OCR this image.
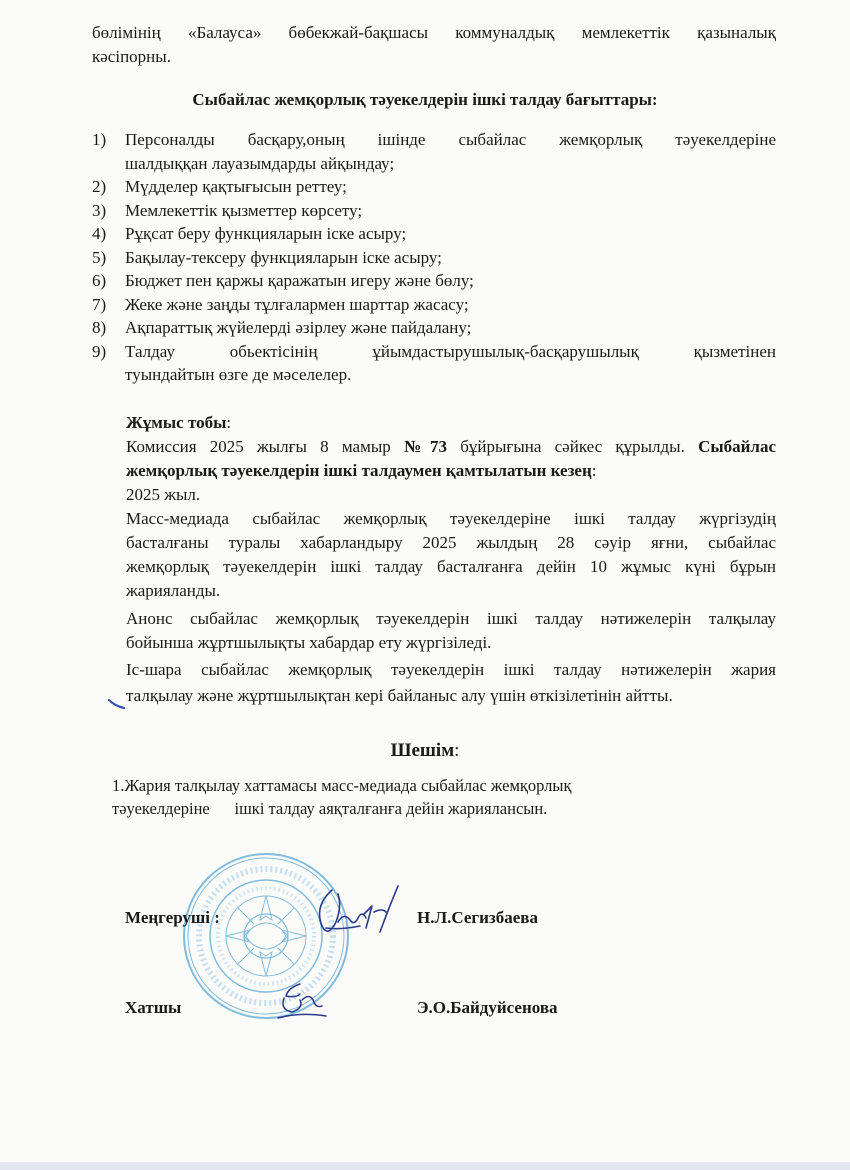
бөлімінің «Балауса» бөбекжай-бақшасы коммуналдық мемлекеттік қазыналық
кәсіпорны.
Сыбайлас жемқорлық тәуекелдерін ішкі талдау бағыттары:
1) Персоналды басқару,оның ішінде сыбайлас жемқорлық тәуекелдеріне
шалдыққан лауазымдарды айқындау;
2) Мүдделер қақтығысын реттеу;
3) Мемлекеттік қызметтер көрсету;
4) Рұқсат беру функцияларын іске асыру;
5) Бақылау-тексеру функцияларын іске асыру;
6) Бюджет пен қаржы қаражатын игеру және бөлу;
7) Жеке және заңды тұлғалармен шарттар жасасу;
8) Ақпараттық жүйелерді әзірлеу және пайдалану;
9) Талдау обьектісінің ұйымдастырушылық-басқарушылық қызметінен
туындайтын өзге де мәселелер.
Жұмыс тобы:
Комиссия 2025 жылғы 8 мамыр №73 бұйрығына сәйкес құрылды. Сыбайлас
жемқорлық тәуекелдерін ішкі талдаумен қамтылатын кезең:
2025 жыл.
Масс-медиада сыбайлас жемқорлық тәуекелдеріне ішкі талдау жүргізудің
басталғаны туралы хабарландыру 2025 жылдың 28 сәуір яғни, сыбайлас
жемқорлық тәуекелдерін ішкі талдау басталғанға дейін 10 жұмыс күні бұрын
жарияланды.
Анонс сыбайлас жемқорлық тәуекелдерін ішкі талдау нәтижелерін талқылау
бойынша жұртшылықты хабардар ету жүргізіледі.
Іс-шара сыбайлас жемқорлық тәуекелдерін ішкі талдау нәтижелерін жария
талқылау және жұртшылықтан кері байланыс алу үшін өткізілетінін айтты.
Шешім:
1.Жария талқылау хаттамасы масс-медиада сыбайлас жемқорлық
тәуекелдеріне      ішкі талдау аяқталғанға дейін жариялансын.
Меңгеруші :	Н.Л.Сегизбаева
Хатшы	Э.О.Байдуйсенова
